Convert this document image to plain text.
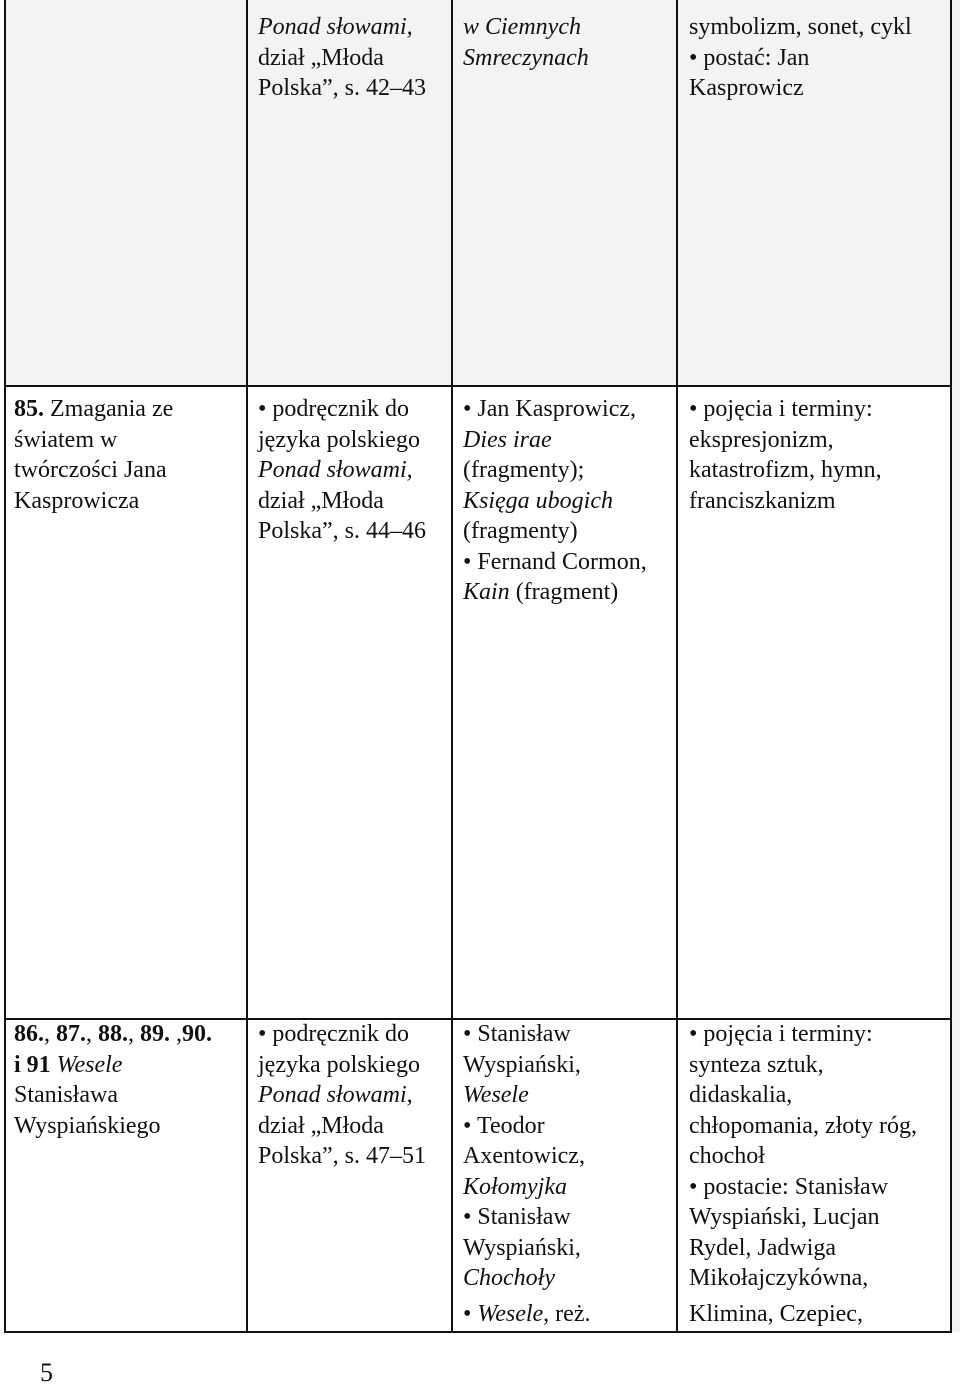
Ponad słowami,
dział „Młoda
Polska”, s. 42–43
w Ciemnych
Smreczynach
symbolizm, sonet, cykl
• postać: Jan
Kasprowicz
85. Zmagania ze
światem w
twórczości Jana
Kasprowicza
• podręcznik do
języka polskiego
Ponad słowami,
dział „Młoda
Polska”, s. 44–46
• Jan Kasprowicz,
Dies irae
(fragmenty);
Księga ubogich
(fragmenty)
• Fernand Cormon,
Kain (fragment)
• pojęcia i terminy:
ekspresjonizm,
katastrofizm, hymn,
franciszkanizm
86., 87., 88., 89. ,90.
i 91 Wesele
Stanisława
Wyspiańskiego
• podręcznik do
języka polskiego
Ponad słowami,
dział „Młoda
Polska”, s. 47–51
• Stanisław
Wyspiański,
Wesele
• Teodor
Axentowicz,
Kołomyjka
• Stanisław
Wyspiański,
Chochoły
• Wesele, reż.
• pojęcia i terminy:
synteza sztuk,
didaskalia,
chłopomania, złoty róg,
chochoł
• postacie: Stanisław
Wyspiański, Lucjan
Rydel, Jadwiga
Mikołajczykówna,
Klimina, Czepiec,
5
